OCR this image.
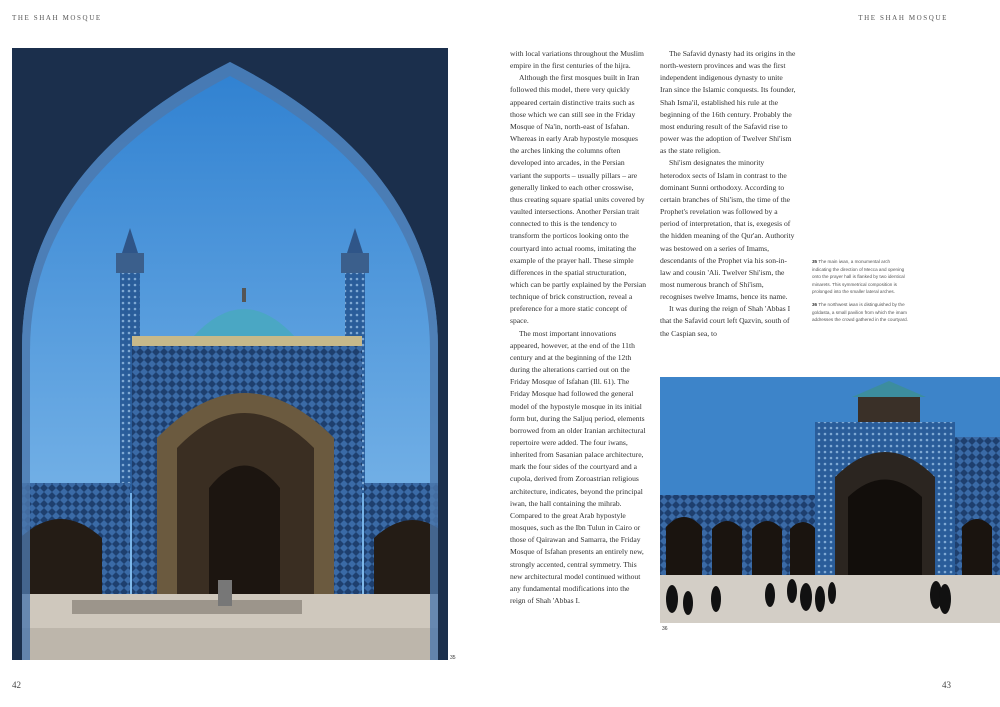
THE SHAH MOSQUE	THE SHAH MOSQUE
35

with local variations throughout the Muslim empire in the first centuries of the hijra.

Although the first mosques built in Iran followed this model, there very quickly appeared certain distinctive traits such as those which we can still see in the Friday Mosque of Na'in, north-east of Isfahan. Whereas in early Arab hypostyle mosques the arches linking the columns often developed into arcades, in the Persian variant the supports – usually pillars – are generally linked to each other crosswise, thus creating square spatial units covered by vaulted intersections. Another Persian trait connected to this is the tendency to transform the porticos looking onto the courtyard into actual rooms, imitating the example of the prayer hall. These simple differences in the spatial structuration, which can be partly explained by the Persian technique of brick construction, reveal a preference for a more static concept of space.

The most important innovations appeared, however, at the end of the 11th century and at the beginning of the 12th during the alterations carried out on the Friday Mosque of Isfahan (Ill. 61). The Friday Mosque had followed the general model of the hypostyle mosque in its initial form but, during the Saljuq period, elements borrowed from an older Iranian architectural repertoire were added. The four iwans, inherited from Sasanian palace architecture, mark the four sides of the courtyard and a cupola, derived from Zoroastrian religious architecture, indicates, beyond the principal iwan, the hall containing the mihrab. Compared to the great Arab hypostyle mosques, such as the Ibn Tulun in Cairo or those of Qairawan and Samarra, the Friday Mosque of Isfahan presents an entirely new, strongly accented, central symmetry. This new architectural model continued without any fundamental modifications into the reign of Shah 'Abbas I.

The Safavid dynasty had its origins in the north-western provinces and was the first independent indigenous dynasty to unite Iran since the Islamic conquests. Its founder, Shah Isma'il, established his rule at the beginning of the 16th century. Probably the most enduring result of the Safavid rise to power was the adoption of Twelver Shi'ism as the state religion.

Shi'ism designates the minority heterodox sects of Islam in contrast to the dominant Sunni orthodoxy. According to certain branches of Shi'ism, the time of the Prophet's revelation was followed by a period of interpretation, that is, exegesis of the hidden meaning of the Qur'an. Authority was bestowed on a series of Imams, descendants of the Prophet via his son-in-law and cousin 'Ali. Twelver Shi'ism, the most numerous branch of Shi'ism, recognises twelve Imams, hence its name.

It was during the reign of Shah 'Abbas I that the Safavid court left Qazvin, south of the Caspian sea, to

35 The main iwan, a monumental arch indicating the direction of Mecca and opening onto the prayer hall is flanked by two identical minarets. This symmetrical composition is prolonged into the smaller lateral arches.

36 The northwest iwan is distinguished by the goldasta, a small pavilion from which the imam addresses the crowd gathered in the courtyard.

36
42	43
